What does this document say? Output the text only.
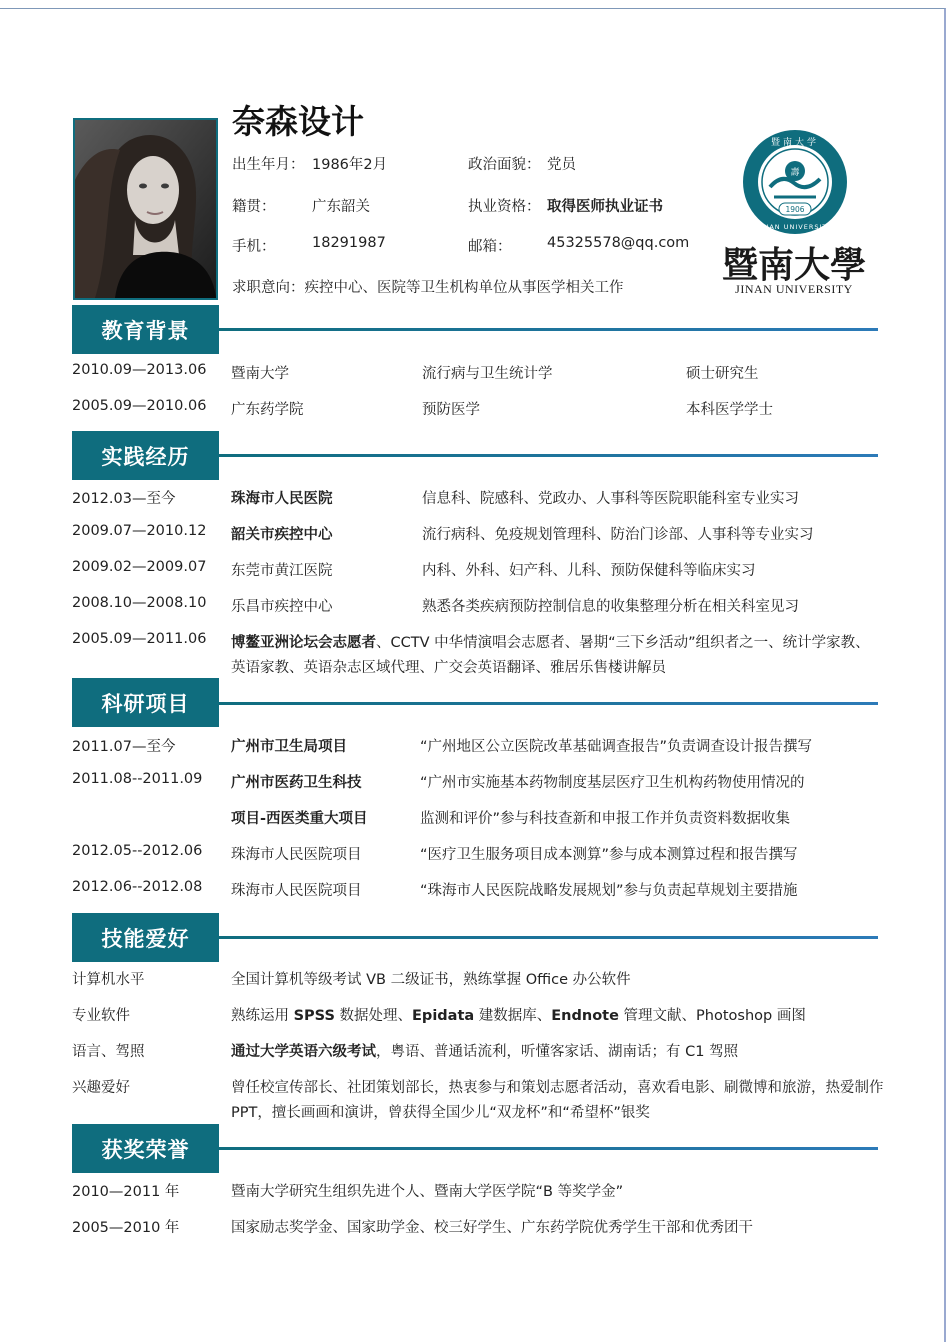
奈森设计
出生年月： 1986年2月	政治面貌： 党员
籍贯：	广东韶关	执业资格： 取得医师执业证书
手机：	18291987	邮箱： 45325578@qq.com
求职意向：疾控中心、医院等卫生机构单位从事医学相关工作
壽
1906
暨南大学
JINAN UNIVERSITY
暨南大學
JINAN UNIVERSITY
教育背景
2010.09—2013.06 暨南大学	流行病与卫生统计学	硕士研究生
2005.09—2010.06 广东药学院	预防医学	本科医学学士
实践经历
2012.03—至今	珠海市人民医院	信息科、院感科、党政办、人事科等医院职能科室专业实习
2009.07—2010.12 韶关市疾控中心	流行病科、免疫规划管理科、防治门诊部、人事科等专业实习
2009.02—2009.07 东莞市黄江医院	内科、外科、妇产科、儿科、预防保健科等临床实习
2008.10—2008.10 乐昌市疾控中心	熟悉各类疾病预防控制信息的收集整理分析在相关科室见习
2005.09—2011.06 博鳌亚洲论坛会志愿者、CCTV 中华情演唱会志愿者、暑期“三下乡活动”组织者之一、统计学家教、
英语家教、英语杂志区域代理、广交会英语翻译、雅居乐售楼讲解员
科研项目
2011.07—至今	广州市卫生局项目	“广州地区公立医院改革基础调查报告”负责调查设计报告撰写
2011.08--2011.09 广州市医药卫生科技	“广州市实施基本药物制度基层医疗卫生机构药物使用情况的
项目-西医类重大项目	监测和评价”参与科技查新和申报工作并负责资料数据收集
2012.05--2012.06 珠海市人民医院项目	“医疗卫生服务项目成本测算”参与成本测算过程和报告撰写
2012.06--2012.08 珠海市人民医院项目	“珠海市人民医院战略发展规划”参与负责起草规划主要措施
技能爱好
计算机水平	全国计算机等级考试 VB 二级证书，熟练掌握 Office 办公软件
专业软件	熟练运用 SPSS 数据处理、Epidata 建数据库、Endnote 管理文献、Photoshop 画图
语言、驾照	通过大学英语六级考试，粤语、普通话流利，听懂客家话、湖南话；有 C1 驾照
兴趣爱好	曾任校宣传部长、社团策划部长，热衷参与和策划志愿者活动，喜欢看电影、刷微博和旅游，热爱制作
PPT，擅长画画和演讲，曾获得全国少儿“双龙杯”和“希望杯”银奖
获奖荣誉
2010—2011 年	暨南大学研究生组织先进个人、暨南大学医学院“B 等奖学金”
2005—2010 年	国家励志奖学金、国家助学金、校三好学生、广东药学院优秀学生干部和优秀团干
